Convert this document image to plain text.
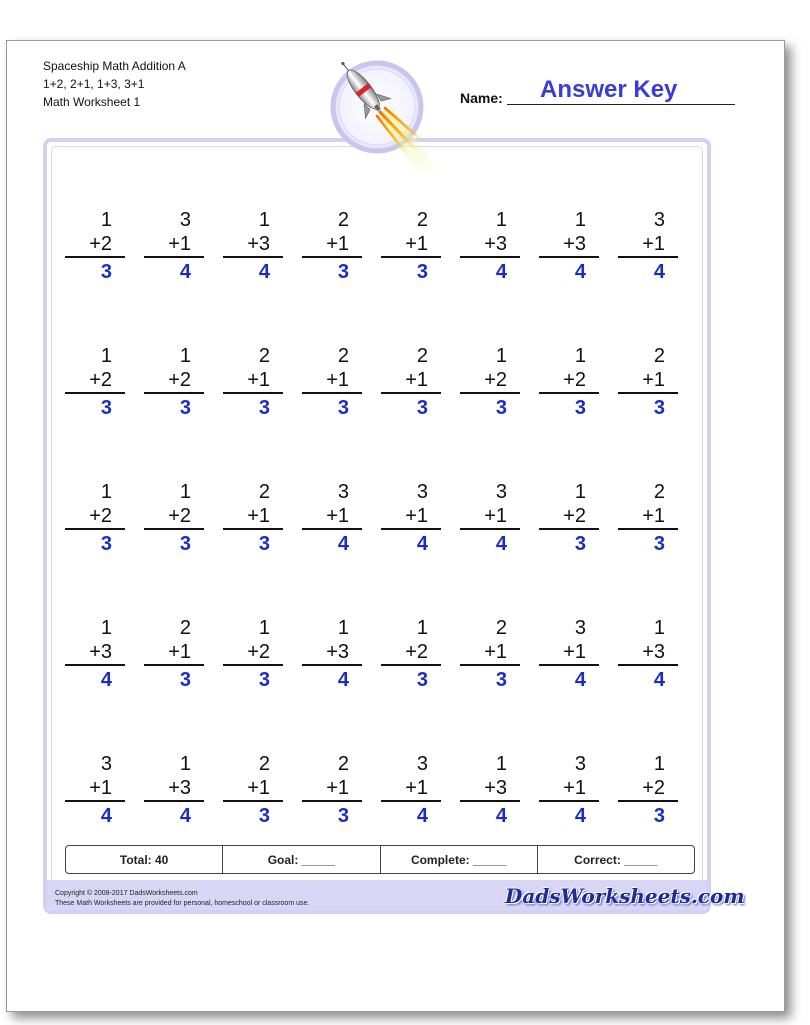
Spaceship Math Addition A
1+2, 2+1, 1+3, 3+1
Math Worksheet 1	Name: Answer Key
1
+2
3
3
+1
4
1
+3
4
2
+1
3
2
+1
3
1
+3
4
1
+3
4
3
+1
4
1
+2
3
1
+2
3
2
+1
3
2
+1
3
2
+1
3
1
+2
3
1
+2
3
2
+1
3
1
+2
3
1
+2
3
2
+1
3
3
+1
4
3
+1
4
3
+1
4
1
+2
3
2
+1
3
1
+3
4
2
+1
3
1
+2
3
1
+3
4
1
+2
3
2
+1
3
3
+1
4
1
+3
4
3
+1
4
1
+3
4
2
+1
3
2
+1
3
3
+1
4
1
+3
4
3
+1
4
1
+2
3
Total: 40	Goal: _____	Complete: _____	Correct: _____
Copyright © 2008-2017 DadsWorksheets.com
These Math Worksheets are provided for personal, homeschool or classroom use.	DadsWorksheets.com
